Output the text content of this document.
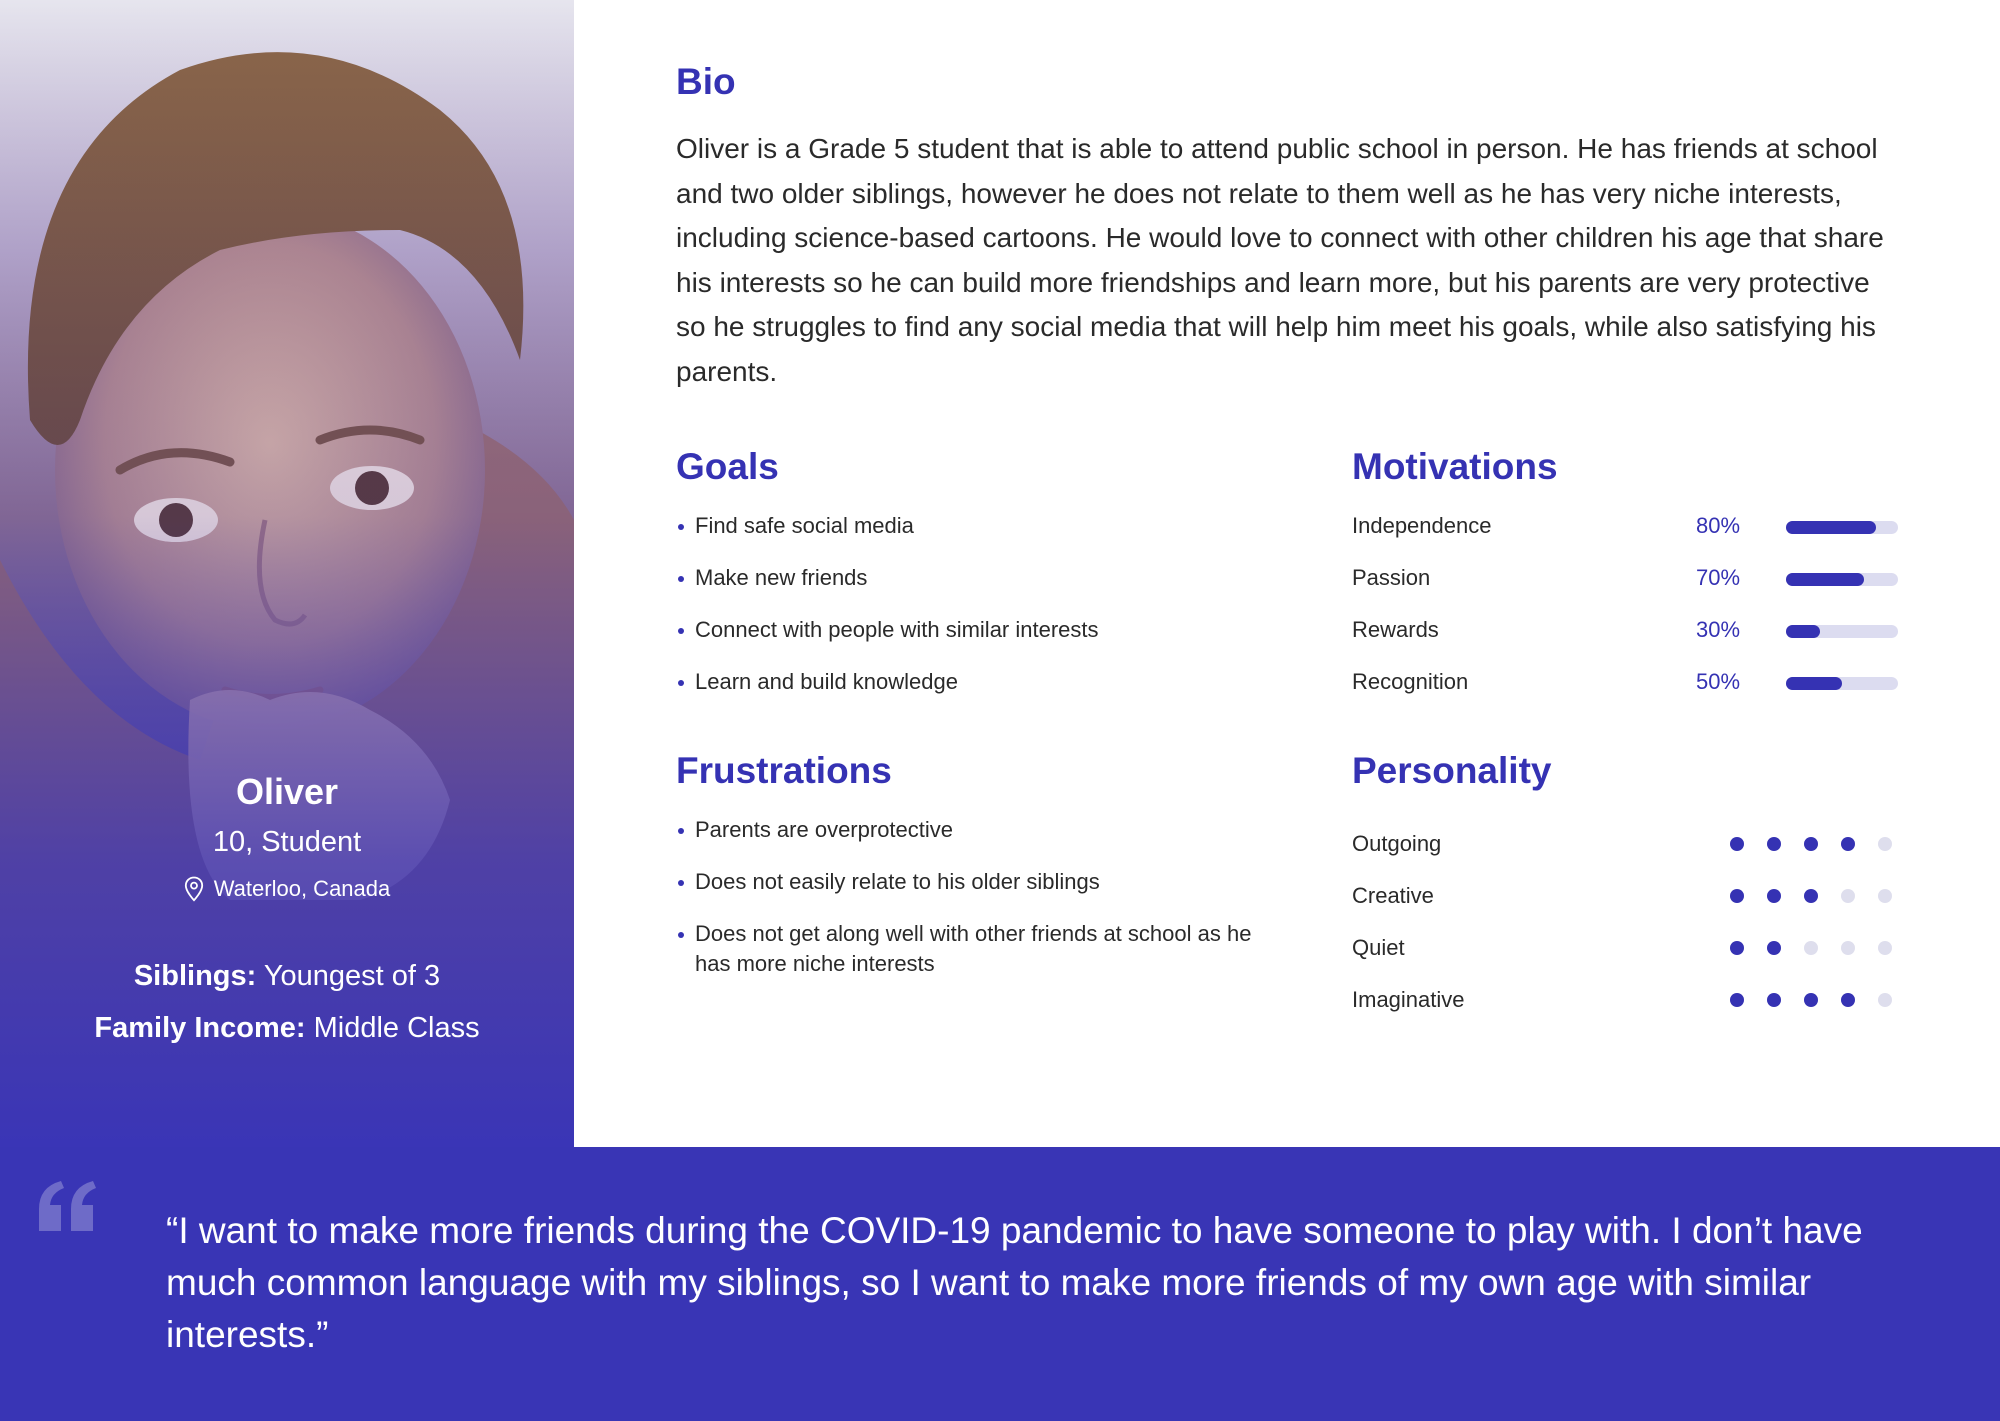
Oliver
10, Student
Waterloo, Canada
Siblings: Youngest of 3
Family Income: Middle Class
Bio

Oliver is a Grade 5 student that is able to attend public school in person. He has friends at school and two older siblings, however he does not relate to them well as he has very niche interests, including science-based cartoons. He would love to connect with other children his age that share his interests so he can build more friendships and learn more, but his parents are very protective so he struggles to find any social media that will help him meet his goals, while also satisfying his parents.

Goals
Find safe social media
Make new friends
Connect with people with similar interests
Learn and build knowledge
Frustrations
Parents are overprotective
Does not easily relate to his older siblings
Does not get along well with other friends at school as he has more niche interests
Motivations
Independence	80%
Passion	70%
Rewards	30%
Recognition	50%
Personality
Outgoing
Creative
Quiet
Imaginative

“I want to make more friends during the COVID-19 pandemic to have someone to play with. I don’t have much common language with my siblings, so I want to make more friends of my own age with similar interests.”
